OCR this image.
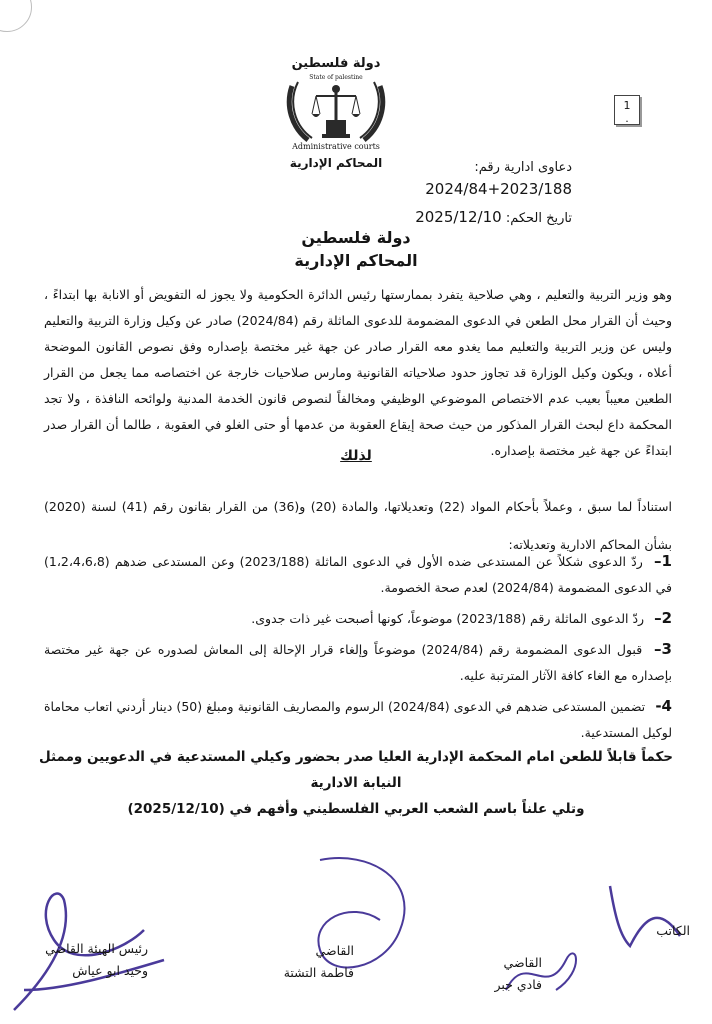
1
.
دولة فلسطين
State of palestine
Administrative courts
المحاكم الإدارية	دعاوى ادارية رقم:
2024/84+2023/188
تاريخ الحكم: 2025/12/10
دولة فلسطين
المحاكم الإدارية
وهو وزير التربية والتعليم ، وهي صلاحية يتفرد بممارستها رئيس الدائرة الحكومية ولا يجوز له التفويض أو الانابة بها ابتداءً ، وحيث أن القرار محل الطعن في الدعوى المضمومة للدعوى الماثلة رقم (2024/84) صادر عن وكيل وزارة التربية والتعليم وليس عن وزير التربية والتعليم مما يغدو معه القرار صادر عن جهة غير مختصة بإصداره وفق نصوص القانون الموضحة أعلاه ، ويكون وكيل الوزارة قد تجاوز حدود صلاحياته القانونية ومارس صلاحيات خارجة عن اختصاصه مما يجعل من القرار الطعين معيباً بعيب عدم الاختصاص الموضوعي الوظيفي ومخالفاً لنصوص قانون الخدمة المدنية ولوائحه النافذة ، ولا تجد المحكمة داع لبحث القرار المذكور من حيث صحة إيقاع العقوبة من عدمها أو حتى الغلو في العقوبة ، طالما أن القرار صدر ابتداءً عن جهة غير مختصة بإصداره.
لذلك
استناداً لما سبق ، وعملاً بأحكام المواد (22) وتعديلاتها، والمادة (20) و(36) من القرار بقانون رقم (41) لسنة (2020) بشأن المحاكم الادارية وتعديلاته:
1– ردّ الدعوى شكلاً عن المستدعى ضده الأول في الدعوى الماثلة (2023/188) وعن المستدعى ضدهم (1،2،4،6،8) في الدعوى المضمومة (2024/84) لعدم صحة الخصومة.
2– ردّ الدعوى الماثلة رقم (2023/188) موضوعاً، كونها أصبحت غير ذات جدوى.
3– قبول الدعوى المضمومة رقم (2024/84) موضوعاً وإلغاء قرار الإحالة إلى المعاش لصدوره عن جهة غير مختصة بإصداره مع الغاء كافة الآثار المترتبة عليه.
4- تضمين المستدعى ضدهم في الدعوى (2024/84) الرسوم والمصاريف القانونية ومبلغ (50) دينار أردني اتعاب محاماة لوكيل المستدعية.
حكماً قابلاً للطعن امام المحكمة الإدارية العليا صدر بحضور وكيلي المستدعية في الدعويين وممثل النيابة الادارية
وتلي علناً باسم الشعب العربي الفلسطيني وأفهم في (2025/12/10)
رئيس الهيئة القاضي
وحيد ابو عياش
القاضي
فاطمة التشتة
القاضي
فادي جبر
الكاتب
